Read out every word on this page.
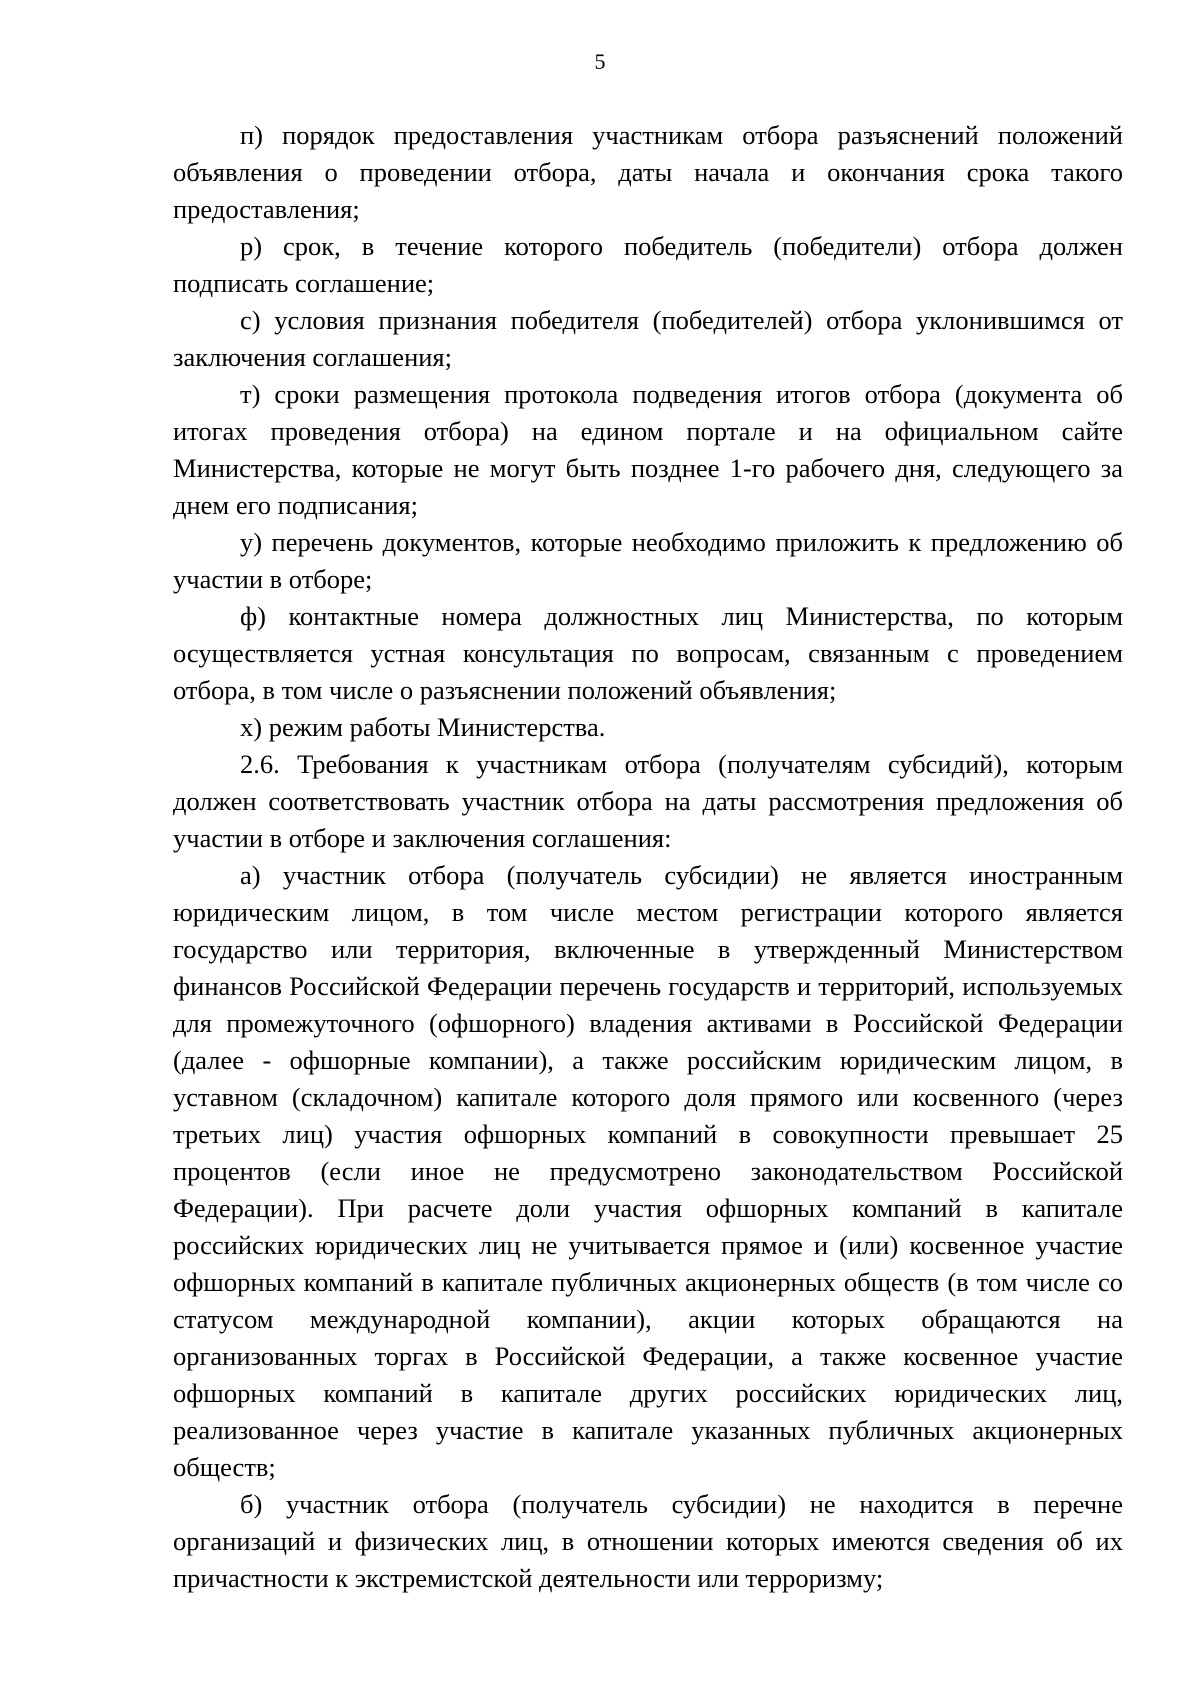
5

п) порядок предоставления участникам отбора разъяснений положений объявления о проведении отбора, даты начала и окончания срока такого предоставления;

р) срок, в течение которого победитель (победители) отбора должен подписать соглашение;

с) условия признания победителя (победителей) отбора уклонившимся от заключения соглашения;

т) сроки размещения протокола подведения итогов отбора (документа об итогах проведения отбора) на едином портале и на официальном сайте Министерства, которые не могут быть позднее 1-го рабочего дня, следующего за днем его подписания;

у) перечень документов, которые необходимо приложить к предложению об участии в отборе;

ф) контактные номера должностных лиц Министерства, по которым осуществляется устная консультация по вопросам, связанным с проведением отбора, в том числе о разъяснении положений объявления;

х) режим работы Министерства.

2.6. Требования к участникам отбора (получателям субсидий), которым должен соответствовать участник отбора на даты рассмотрения предложения об участии в отборе и заключения соглашения:

а) участник отбора (получатель субсидии) не является иностранным юридическим лицом, в том числе местом регистрации которого является государство или территория, включенные в утвержденный Министерством финансов Российской Федерации перечень государств и территорий, используемых для промежуточного (офшорного) владения активами в Российской Федерации (далее - офшорные компании), а также российским юридическим лицом, в уставном (складочном) капитале которого доля прямого или косвенного (через третьих лиц) участия офшорных компаний в совокупности превышает 25 процентов (если иное не предусмотрено законодательством Российской Федерации). При расчете доли участия офшорных компаний в капитале российских юридических лиц не учитывается прямое и (или) косвенное участие офшорных компаний в капитале публичных акционерных обществ (в том числе со статусом международной компании), акции которых обращаются на организованных торгах в Российской Федерации, а также косвенное участие офшорных компаний в капитале других российских юридических лиц, реализованное через участие в капитале указанных публичных акционерных обществ;

б) участник отбора (получатель субсидии) не находится в перечне организаций и физических лиц, в отношении которых имеются сведения об их причастности к экстремистской деятельности или терроризму;
